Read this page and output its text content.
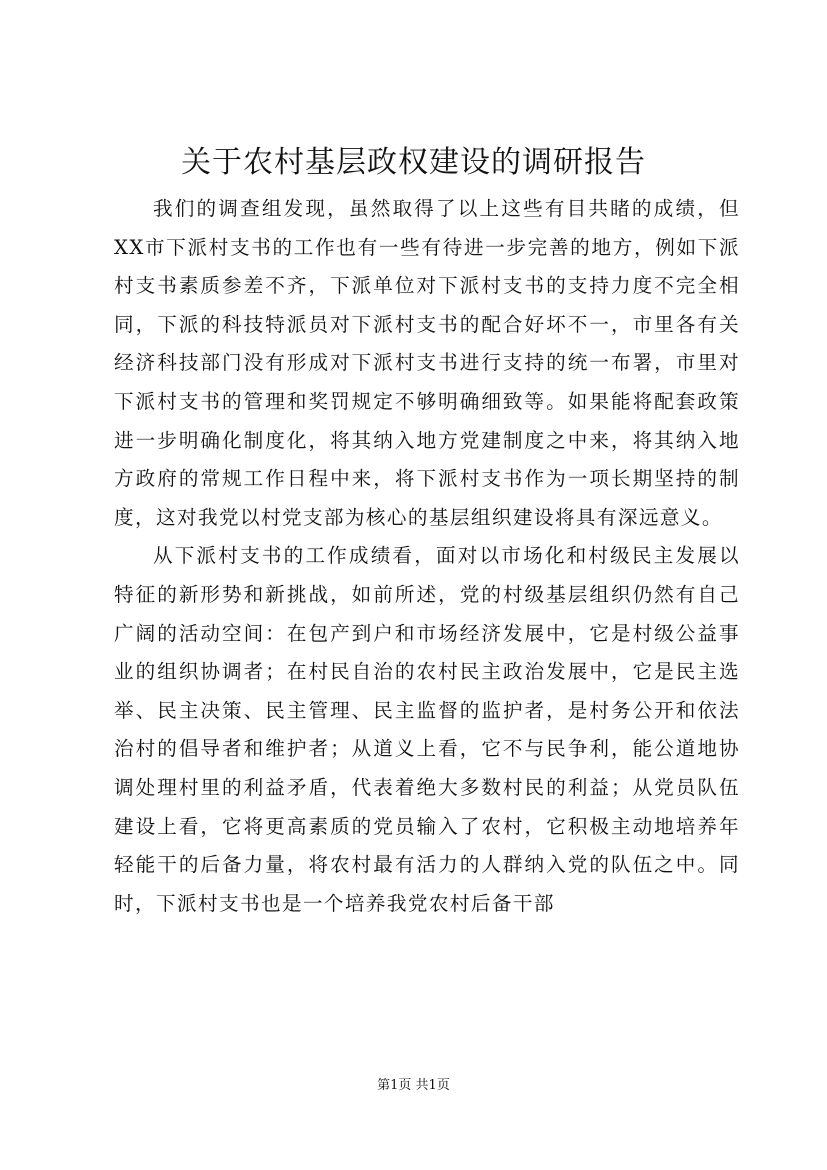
关于农村基层政权建设的调研报告

我们的调查组发现，虽然取得了以上这些有目共睹的成绩，但XX市下派村支书的工作也有一些有待进一步完善的地方，例如下派村支书素质参差不齐，下派单位对下派村支书的支持力度不完全相同，下派的科技特派员对下派村支书的配合好坏不一，市里各有关经济科技部门没有形成对下派村支书进行支持的统一布署，市里对下派村支书的管理和奖罚规定不够明确细致等。如果能将配套政策进一步明确化制度化，将其纳入地方党建制度之中来，将其纳入地方政府的常规工作日程中来，将下派村支书作为一项长期坚持的制度，这对我党以村党支部为核心的基层组织建设将具有深远意义。

从下派村支书的工作成绩看，面对以市场化和村级民主发展以特征的新形势和新挑战，如前所述，党的村级基层组织仍然有自己广阔的活动空间：在包产到户和市场经济发展中，它是村级公益事业的组织协调者；在村民自治的农村民主政治发展中，它是民主选举、民主决策、民主管理、民主监督的监护者，是村务公开和依法治村的倡导者和维护者；从道义上看，它不与民争利，能公道地协调处理村里的利益矛盾，代表着绝大多数村民的利益；从党员队伍建设上看，它将更高素质的党员输入了农村，它积极主动地培养年轻能干的后备力量，将农村最有活力的人群纳入党的队伍之中。同时，下派村支书也是一个培养我党农村后备干部

第1页 共1页
